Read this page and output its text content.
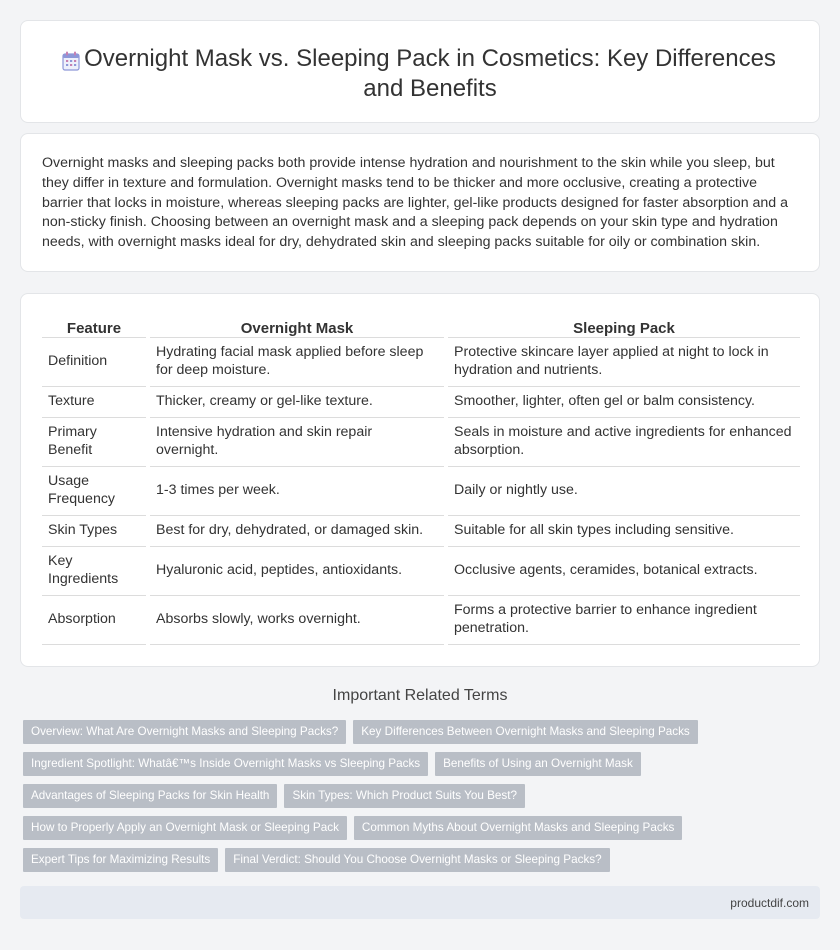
Overnight Mask vs. Sleeping Pack in Cosmetics: Key Differences and Benefits

Overnight masks and sleeping packs both provide intense hydration and nourishment to the skin while you sleep, but they differ in texture and formulation. Overnight masks tend to be thicker and more occlusive, creating a protective barrier that locks in moisture, whereas sleeping packs are lighter, gel-like products designed for faster absorption and a non-sticky finish. Choosing between an overnight mask and a sleeping pack depends on your skin type and hydration needs, with overnight masks ideal for dry, dehydrated skin and sleeping packs suitable for oily or combination skin.

Feature	Overnight Mask	Sleeping Pack
Definition	Hydrating facial mask applied before sleep for deep moisture.	Protective skincare layer applied at night to lock in hydration and nutrients.
Texture	Thicker, creamy or gel-like texture.	Smoother, lighter, often gel or balm consistency.
Primary Benefit	Intensive hydration and skin repair overnight.	Seals in moisture and active ingredients for enhanced absorption.
Usage Frequency	1-3 times per week.	Daily or nightly use.
Skin Types	Best for dry, dehydrated, or damaged skin.	Suitable for all skin types including sensitive.
Key Ingredients	Hyaluronic acid, peptides, antioxidants.	Occlusive agents, ceramides, botanical extracts.
Absorption	Absorbs slowly, works overnight.	Forms a protective barrier to enhance ingredient penetration.
Important Related Terms
Overview: What Are Overnight Masks and Sleeping Packs?	Key Differences Between Overnight Masks and Sleeping Packs
Ingredient Spotlight: Whatâ€™s Inside Overnight Masks vs Sleeping Packs	Benefits of Using an Overnight Mask
Advantages of Sleeping Packs for Skin Health	Skin Types: Which Product Suits You Best?
How to Properly Apply an Overnight Mask or Sleeping Pack	Common Myths About Overnight Masks and Sleeping Packs
Expert Tips for Maximizing Results	Final Verdict: Should You Choose Overnight Masks or Sleeping Packs?
productdif.com
